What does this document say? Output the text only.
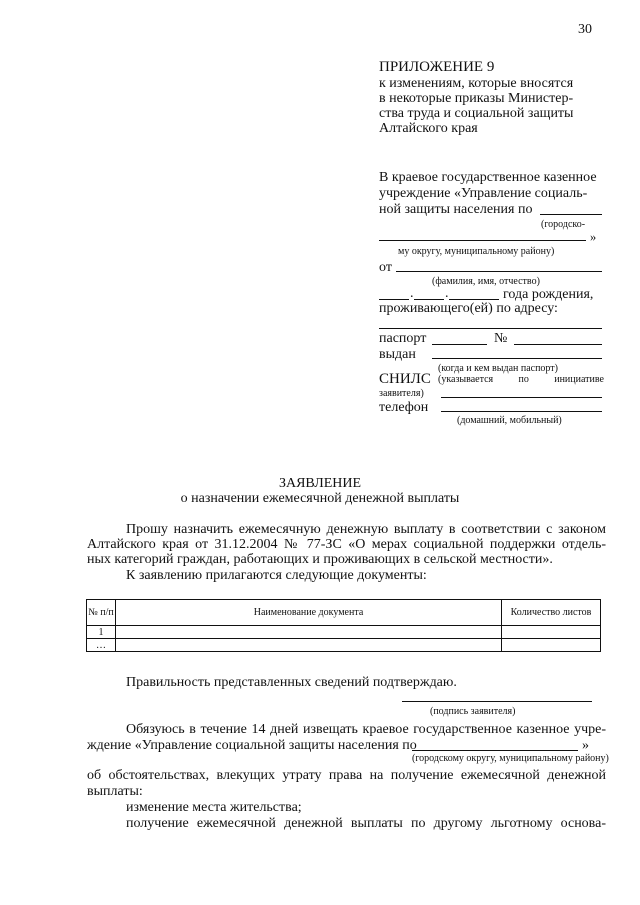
30
ПРИЛОЖЕНИЕ 9
к изменениям, которые вносятся
в некоторые приказы Министер-
ства труда и социальной защиты
Алтайского края
В краевое государственное казенное
учреждение «Управление социаль-
ной защиты населения по
(городско-
»
му округу, муниципальному району)
от
(фамилия, имя, отчество)
. .	года рождения,
проживающего(ей) по адресу:
паспорт	№
выдан
(когда и кем выдан паспорт)
СНИЛС (указывается по инициативе
заявителя)
телефон
(домашний, мобильный)
ЗАЯВЛЕНИЕ
о назначении ежемесячной денежной выплаты
Прошу назначить ежемесячную денежную выплату в соответствии с законом
Алтайского края от 31.12.2004 № 77-ЗС «О мерах социальной поддержки отдель-
ных категорий граждан, работающих и проживающих в сельской местности».
К заявлению прилагаются следующие документы:
№ п/п	Наименование документа	Количество листов
1		
…		
Правильность представленных сведений подтверждаю.
(подпись заявителя)
Обязуюсь в течение 14 дней извещать краевое государственное казенное учре-
ждение «Управление социальной защиты населения по	»
(городскому округу, муниципальному району)
об обстоятельствах, влекущих утрату права на получение ежемесячной денежной
выплаты:
изменение места жительства;
получение ежемесячной денежной выплаты по другому льготному основа-
